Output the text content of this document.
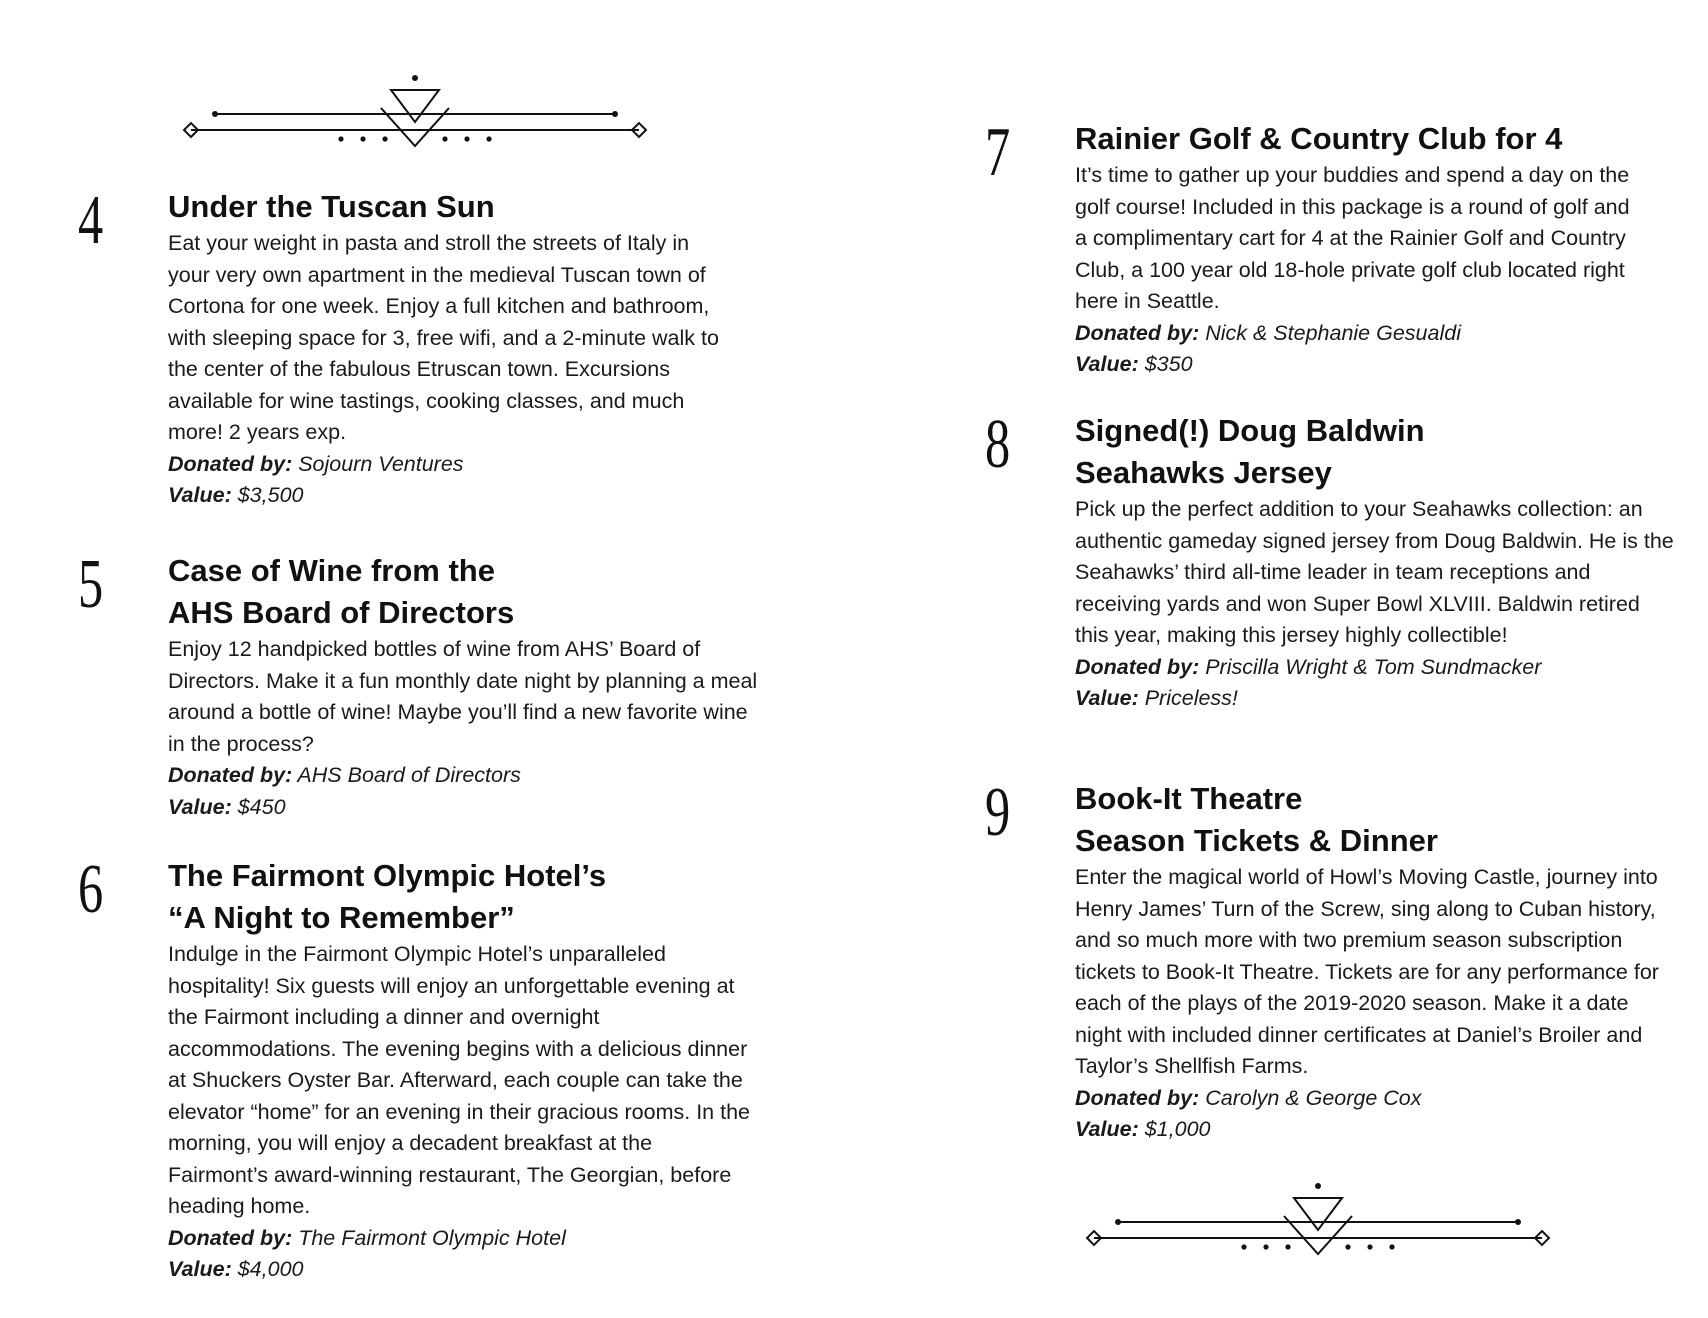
4 Under the Tuscan Sun

Eat your weight in pasta and stroll the streets of Italy in your very own apartment in the medieval Tuscan town of Cortona for one week. Enjoy a full kitchen and bathroom, with sleeping space for 3, free wifi, and a 2-minute walk to the center of the fabulous Etruscan town. Excursions available for wine tastings, cooking classes, and much more! 2 years exp.

Donated by: Sojourn Ventures

Value: $3,500

5 Case of Wine from the
AHS Board of Directors

Enjoy 12 handpicked bottles of wine from AHS’ Board of Directors. Make it a fun monthly date night by planning a meal around a bottle of wine! Maybe you’ll find a new favorite wine in the process?

Donated by: AHS Board of Directors

Value: $450

6 The Fairmont Olympic Hotel’s
“A Night to Remember”

Indulge in the Fairmont Olympic Hotel’s unparalleled hospitality! Six guests will enjoy an unforgettable evening at the Fairmont including a dinner and overnight accommodations. The evening begins with a delicious dinner at Shuckers Oyster Bar. Afterward, each couple can take the elevator “home” for an evening in their gracious rooms. In the morning, you will enjoy a decadent breakfast at the Fairmont’s award-winning restaurant, The Georgian, before heading home.

Donated by: The Fairmont Olympic Hotel

Value: $4,000

7 Rainier Golf & Country Club for 4

It’s time to gather up your buddies and spend a day on the golf course! Included in this package is a round of golf and a complimentary cart for 4 at the Rainier Golf and Country Club, a 100 year old 18-hole private golf club located right here in Seattle.

Donated by: Nick & Stephanie Gesualdi

Value: $350

8 Signed(!) Doug Baldwin
Seahawks Jersey

Pick up the perfect addition to your Seahawks collection: an authentic gameday signed jersey from Doug Baldwin. He is the Seahawks’ third all-time leader in team receptions and receiving yards and won Super Bowl XLVIII. Baldwin retired this year, making this jersey highly collectible!

Donated by: Priscilla Wright & Tom Sundmacker

Value: Priceless!

9 Book-It Theatre
Season Tickets & Dinner

Enter the magical world of Howl’s Moving Castle, journey into Henry James’ Turn of the Screw, sing along to Cuban history, and so much more with two premium season subscription tickets to Book-It Theatre. Tickets are for any performance for each of the plays of the 2019-2020 season. Make it a date night with included dinner certificates at Daniel’s Broiler and Taylor’s Shellfish Farms.

Donated by: Carolyn & George Cox

Value: $1,000
